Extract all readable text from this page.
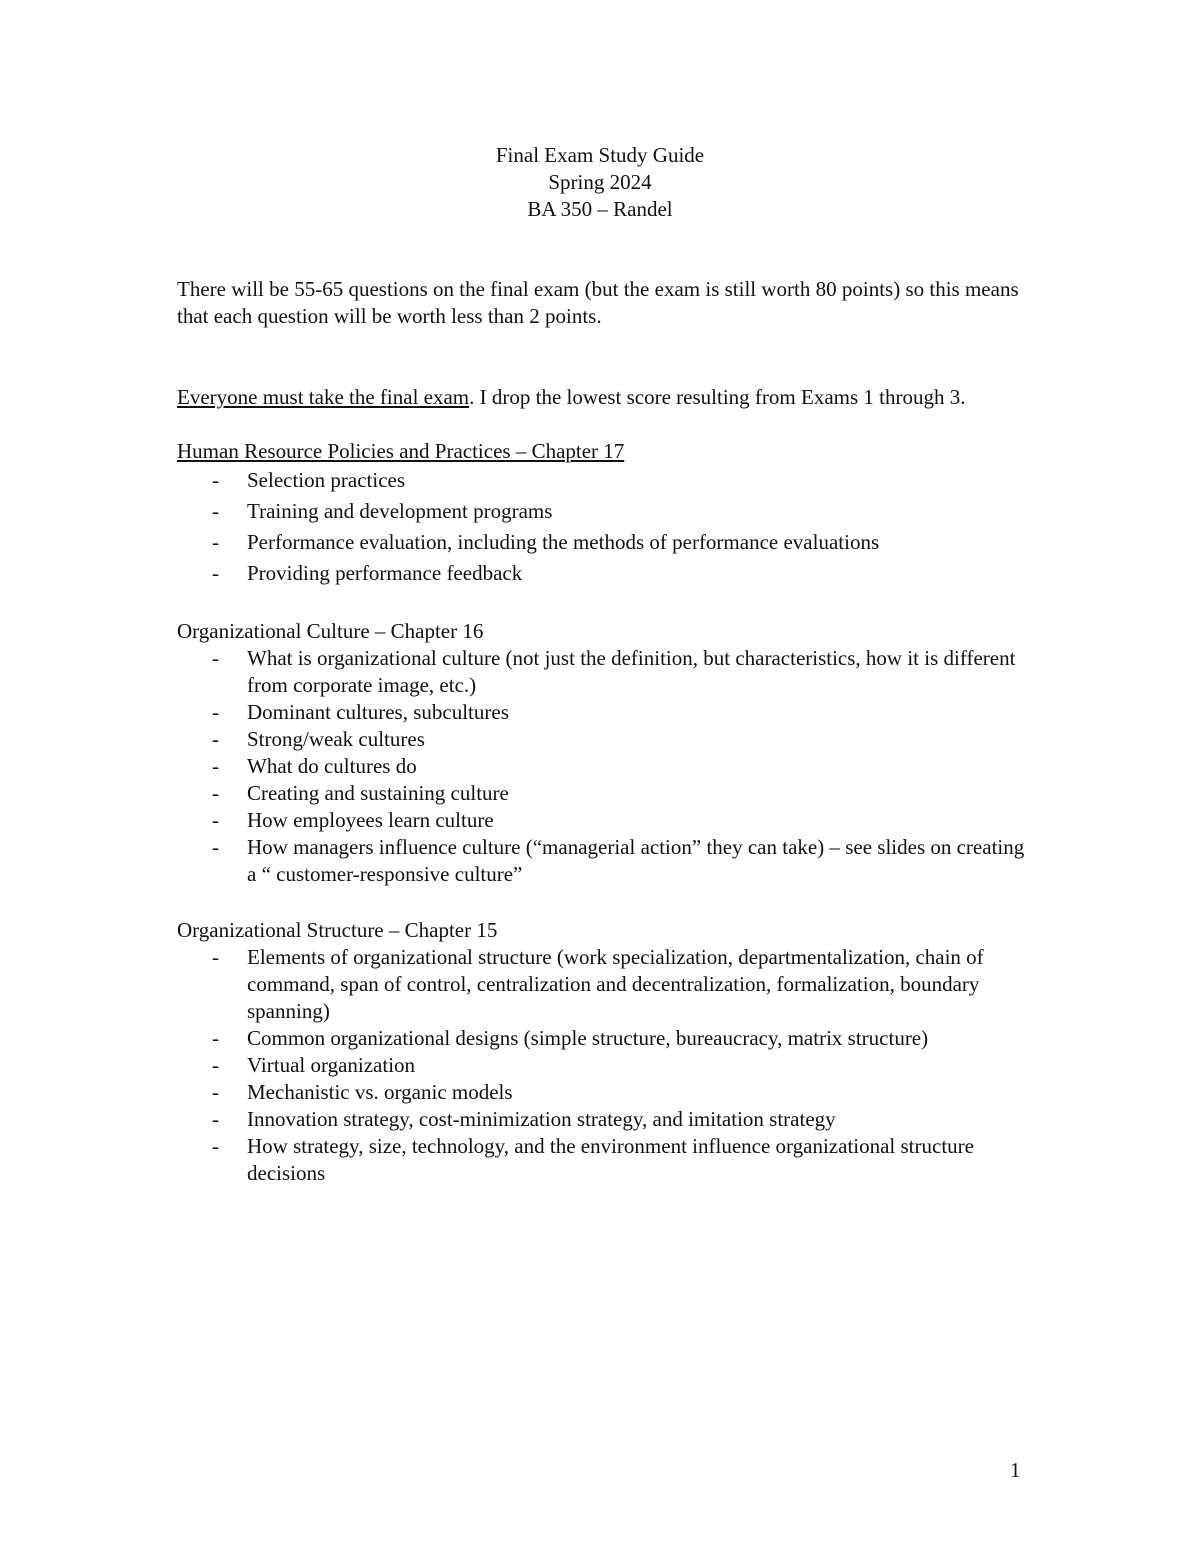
Final Exam Study Guide
Spring 2024
BA 350 – Randel

There will be 55-65 questions on the final exam (but the exam is still worth 80 points) so this means that each question will be worth less than 2 points.

Everyone must take the final exam. I drop the lowest score resulting from Exams 1 through 3.

Human Resource Policies and Practices – Chapter 17
- Selection practices
- Training and development programs
- Performance evaluation, including the methods of performance evaluations
- Providing performance feedback
Organizational Culture – Chapter 16
- What is organizational culture (not just the definition, but characteristics, how it is different from corporate image, etc.)
- Dominant cultures, subcultures
- Strong/weak cultures
- What do cultures do
- Creating and sustaining culture
- How employees learn culture
- How managers influence culture (“managerial action” they can take) – see slides on creating a “ customer-responsive culture”
Organizational Structure – Chapter 15
- Elements of organizational structure (work specialization, departmentalization, chain of command, span of control, centralization and decentralization, formalization, boundary spanning)
- Common organizational designs (simple structure, bureaucracy, matrix structure)
- Virtual organization
- Mechanistic vs. organic models
- Innovation strategy, cost-minimization strategy, and imitation strategy
- How strategy, size, technology, and the environment influence organizational structure decisions
1
